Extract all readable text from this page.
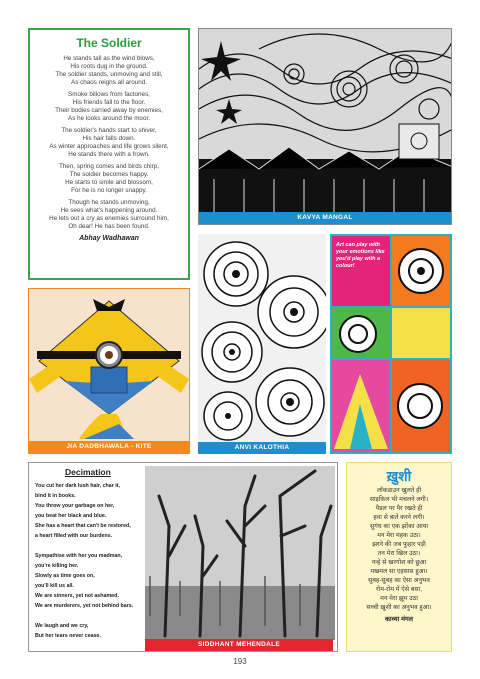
The Soldier
He stands tall as the wind blows,
His roots dug in the ground.
The soldier stands, unmoving and still,
As chaos reigns all around.
Smoke billows from factories,
His friends fall to the floor.
Their bodies carried away by enemies,
As he looks around the moor.
The soldier's hands start to shiver,
His hair falls down.
As winter approaches and life grows silent,
He stands there with a frown.
Then, spring comes and birds chirp,
The soldier becomes happy.
He starts to smile and blossom,
For he is no longer snappy.
Though he stands unmoving,
He sees what's happening around.
He lets out a cry as enemies surround him,
Oh dear! He has been found.
Abhay Wadhawan
KAVYA MANGAL
JIA DADBHAWALA - KITE	ANVI KALOTHIA
Art can play with your emotions like you'd play with a colour!
Decimation
You cut her dark lush hair, char it,
bind it in books.
You throw your garbage on her,
you beat her black and blue.
She has a heart that can't be restored,
a heart filled with our burdens.
Sympathise with her you madman,
you're killing her.
Slowly as time goes on,
you'll kill us all.
We are sinners, yet not ashamed.
We are murderers, yet not behind bars.
We laugh and we cry,
But her tears never cease.
SIDDHANT MEHENDALE
ख़ुशी
लॉकडाउन खुलते ही
साइकिल भी मचलने लगी।
पैडल पर पैर रखते ही
हवा से बातें करने लगी।
सुगंध का एक झोंका आया
मन मेरा महक उठा।
झरने की जब फुहार पड़ी
तन मेरा खिल उठा।
नन्हे से खरगोश को छुआ
मखमल सा एहसास हुआ।
सुबह-सुबह का ऐसा अनुभव
रोम-रोम में ऐसे बसा,
मन मेरा झूम उठा
सच्ची ख़ुशी का अनुभव हुआ।
काव्या मंगल
193
